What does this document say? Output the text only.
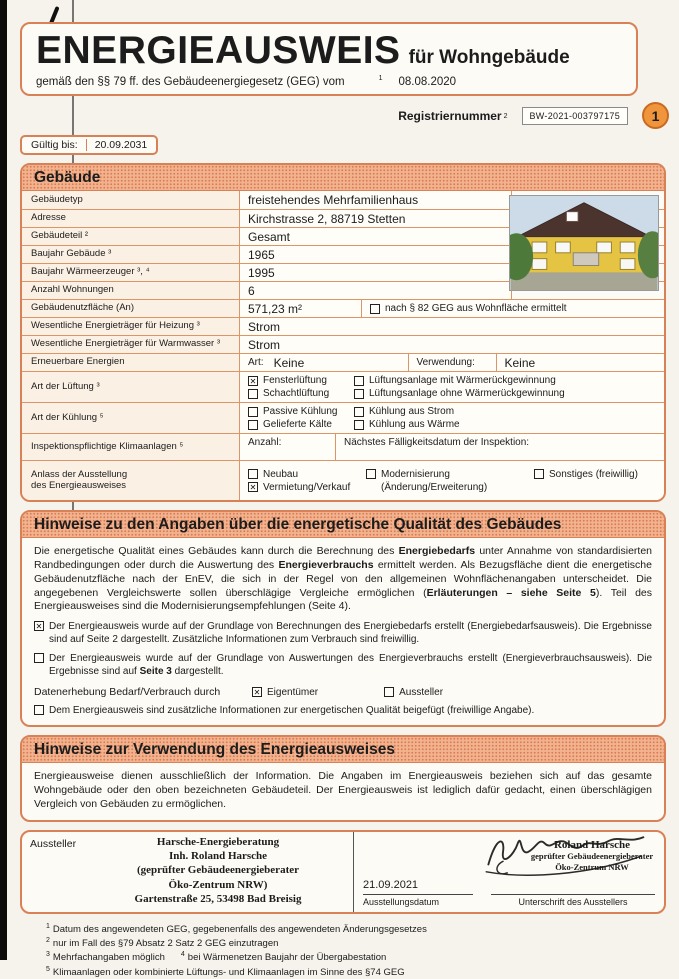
1
ENERGIEAUSWEIS für Wohngebäude
gemäß den §§ 79 ff. des Gebäudeenergiegesetz (GEG) vom	$^1$ 08.08.2020
Registriernummer 2	BW-2021-003797175
Gültig bis: 20.09.2031
Gebäude
Gebäudetyp	freistehendes Mehrfamilienhaus
Adresse	Kirchstrasse 2, 88719 Stetten
Gebäudeteil ²	Gesamt
Baujahr Gebäude ³	1965
Baujahr Wärmeerzeuger ³, ⁴	1995
Anzahl Wohnungen	6
Gebäudenutzfläche (An)	571,23 m²	nach § 82 GEG aus Wohnfläche ermittelt
Wesentliche Energieträger für Heizung ³	Strom
Wesentliche Energieträger für Warmwasser ³	Strom
Erneuerbare Energien	Art: Keine	Verwendung:	Keine
Art der Lüftung ³	✕ Fensterlüftung	Lüftungsanlage mit Wärmerückgewinnung
Schachtlüftung	Lüftungsanlage ohne Wärmerückgewinnung
Art der Kühlung ⁵
Passive Kühlung	Kühlung aus Strom
Gelieferte Kälte	Kühlung aus Wärme
Inspektionspflichtige Klimaanlagen ⁵	Anzahl:	Nächstes Fälligkeitsdatum der Inspektion:
Anlass der Ausstellung
des Energieausweises
Neubau	Modernisierung	Sonstiges (freiwillig)
✕ Vermietung/Verkauf	(Änderung/Erweiterung)
Hinweise zu den Angaben über die energetische Qualität des Gebäudes

Die energetische Qualität eines Gebäudes kann durch die Berechnung des Energiebedarfs unter Annahme von standardisierten Randbedingungen oder durch die Auswertung des Energieverbrauchs ermittelt werden. Als Bezugsfläche dient die energetische Gebäudenutzfläche nach der EnEV, die sich in der Regel von den allgemeinen Wohnflächenangaben unterscheidet. Die angegebenen Vergleichswerte sollen überschlägige Vergleiche ermöglichen (Erläuterungen – siehe Seite 5). Teil des Energieausweises sind die Modernisierungsempfehlungen (Seite 4).

✕ Der Energieausweis wurde auf der Grundlage von Berechnungen des Energiebedarfs erstellt (Energiebedarfsausweis). Die Ergebnisse sind auf Seite 2 dargestellt. Zusätzliche Informationen zum Verbrauch sind freiwillig.
Der Energieausweis wurde auf der Grundlage von Auswertungen des Energieverbrauchs erstellt (Energieverbrauchsausweis). Die Ergebnisse sind auf Seite 3 dargestellt.
Datenerhebung Bedarf/Verbrauch durch	✕ Eigentümer	Aussteller
Dem Energieausweis sind zusätzliche Informationen zur energetischen Qualität beigefügt (freiwillige Angabe).
Hinweise zur Verwendung des Energieausweises

Energieausweise dienen ausschließlich der Information. Die Angaben im Energieausweis beziehen sich auf das gesamte Wohngebäude oder den oben bezeichneten Gebäudeteil. Der Energieausweis ist lediglich dafür gedacht, einen überschlägigen Vergleich von Gebäuden zu ermöglichen.

Aussteller	Harsche-Energieberatung
Inh. Roland Harsche
(geprüfter Gebäudeenergieberater
Öko-Zentrum NRW)
Gartenstraße 25, 53498 Bad Breisig
21.09.2021
Ausstellungsdatum
Roland Harsche
geprüfter Gebäudeenergieberater
Öko-Zentrum NRW
Unterschrift des Ausstellers
$^1$ Datum des angewendeten GEG, gegebenenfalls des angewendeten Änderungsgesetzes
$^2$ nur im Fall des §79 Absatz 2 Satz 2 GEG einzutragen
$^3$ Mehrfachangaben möglich $^4$ bei Wärmenetzen Baujahr der Übergabestation
$^5$ Klimaanlagen oder kombinierte Lüftungs- und Klimaanlagen im Sinne des §74 GEG
